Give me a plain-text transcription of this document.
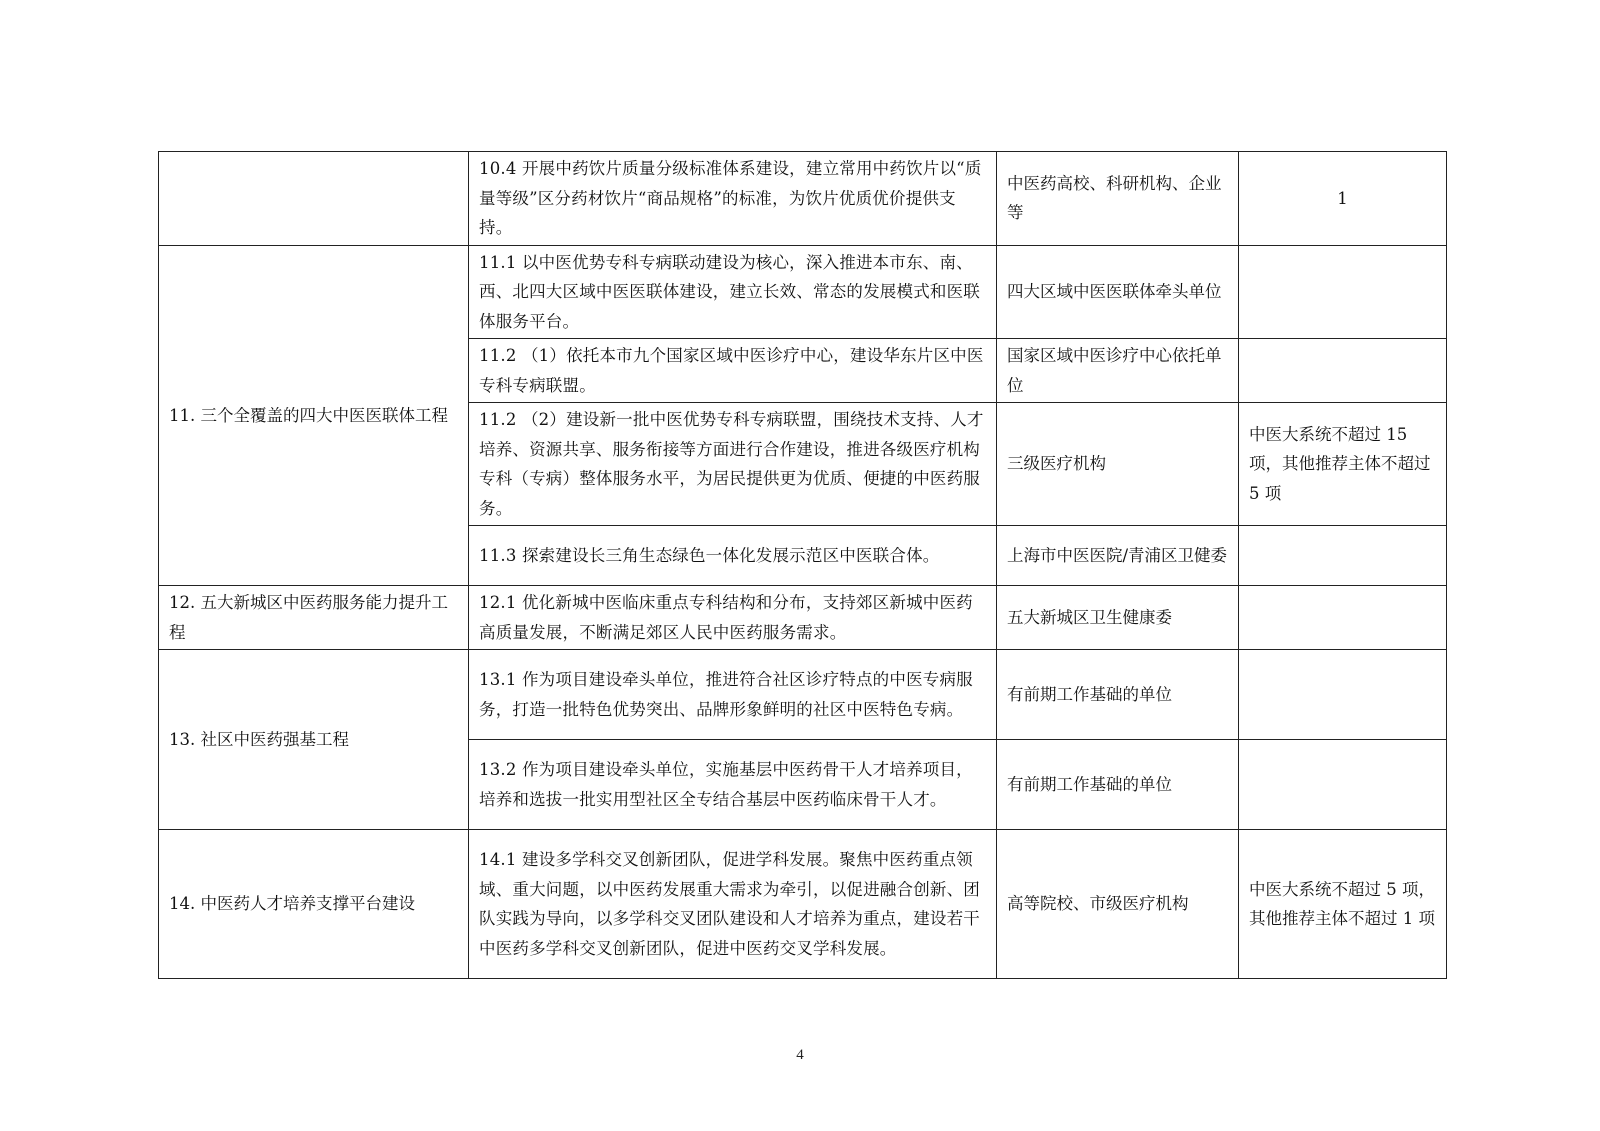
	10.4 开展中药饮片质量分级标准体系建设，建立常用中药饮片以“质量等级”区分药材饮片“商品规格”的标准，为饮片优质优价提供支持。	中医药高校、科研机构、企业等	1
11. 三个全覆盖的四大中医医联体工程	11.1 以中医优势专科专病联动建设为核心，深入推进本市东、南、西、北四大区域中医医联体建设，建立长效、常态的发展模式和医联体服务平台。	四大区域中医医联体牵头单位	
	11.2 （1）依托本市九个国家区域中医诊疗中心，建设华东片区中医专科专病联盟。	国家区域中医诊疗中心依托单位	
	11.2 （2）建设新一批中医优势专科专病联盟，围绕技术支持、人才培养、资源共享、服务衔接等方面进行合作建设，推进各级医疗机构专科（专病）整体服务水平，为居民提供更为优质、便捷的中医药服务。	三级医疗机构	中医大系统不超过 15 项，其他推荐主体不超过 5 项
	11.3 探索建设长三角生态绿色一体化发展示范区中医联合体。	上海市中医医院/青浦区卫健委	
12. 五大新城区中医药服务能力提升工程	12.1 优化新城中医临床重点专科结构和分布，支持郊区新城中医药高质量发展，不断满足郊区人民中医药服务需求。	五大新城区卫生健康委	
13. 社区中医药强基工程	13.1 作为项目建设牵头单位，推进符合社区诊疗特点的中医专病服务，打造一批特色优势突出、品牌形象鲜明的社区中医特色专病。	有前期工作基础的单位	
	13.2 作为项目建设牵头单位，实施基层中医药骨干人才培养项目，培养和选拔一批实用型社区全专结合基层中医药临床骨干人才。	有前期工作基础的单位	
14. 中医药人才培养支撑平台建设	14.1 建设多学科交叉创新团队，促进学科发展。聚焦中医药重点领域、重大问题，以中医药发展重大需求为牵引，以促进融合创新、团队实践为导向，以多学科交叉团队建设和人才培养为重点，建设若干中医药多学科交叉创新团队，促进中医药交叉学科发展。	高等院校、市级医疗机构	中医大系统不超过 5 项，其他推荐主体不超过 1 项
4
